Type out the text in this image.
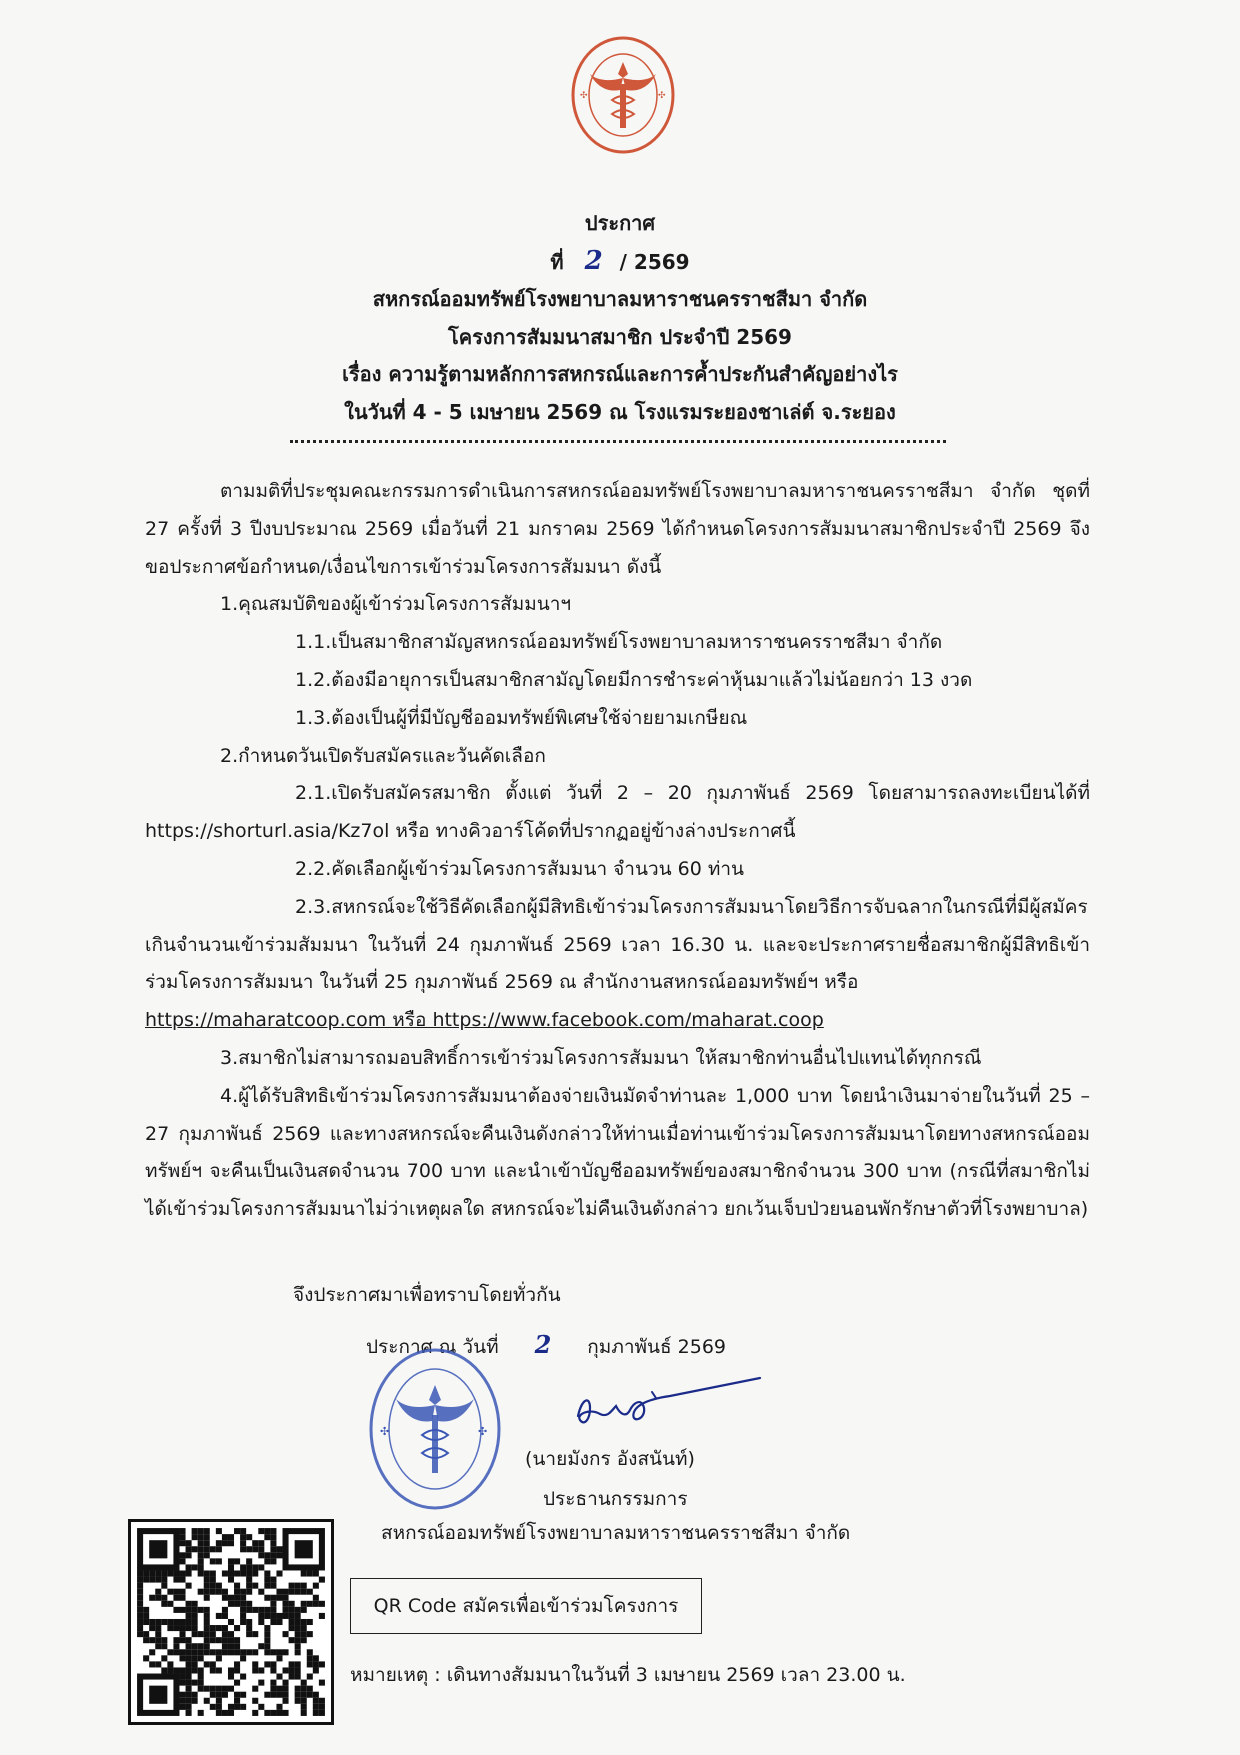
✣	✣
ประกาศ
ที่ 2 / 2569
สหกรณ์ออมทรัพย์โรงพยาบาลมหาราชนครราชสีมา จำกัด
โครงการสัมมนาสมาชิก ประจำปี 2569
เรื่อง ความรู้ตามหลักการสหกรณ์และการค้ำประกันสำคัญอย่างไร
ในวันที่ 4 - 5 เมษายน 2569 ณ โรงแรมระยองชาเล่ต์ จ.ระยอง

ตามมติที่ประชุมคณะกรรมการดำเนินการสหกรณ์ออมทรัพย์โรงพยาบาลมหาราชนครราชสีมา จำกัด ชุดที่ 27 ครั้งที่ 3 ปีงบประมาณ 2569 เมื่อวันที่ 21 มกราคม 2569 ได้กำหนดโครงการสัมมนาสมาชิกประจำปี 2569 จึงขอประกาศข้อกำหนด/เงื่อนไขการเข้าร่วมโครงการสัมมนา ดังนี้

1.คุณสมบัติของผู้เข้าร่วมโครงการสัมมนาฯ

1.1.เป็นสมาชิกสามัญสหกรณ์ออมทรัพย์โรงพยาบาลมหาราชนครราชสีมา จำกัด

1.2.ต้องมีอายุการเป็นสมาชิกสามัญโดยมีการชำระค่าหุ้นมาแล้วไม่น้อยกว่า 13 งวด

1.3.ต้องเป็นผู้ที่มีบัญชีออมทรัพย์พิเศษใช้จ่ายยามเกษียณ

2.กำหนดวันเปิดรับสมัครและวันคัดเลือก

2.1.เปิดรับสมัครสมาชิก ตั้งแต่ วันที่ 2 – 20 กุมภาพันธ์ 2569 โดยสามารถลงทะเบียนได้ที่ https://shorturl.asia/Kz7ol หรือ ทางคิวอาร์โค้ดที่ปรากฏอยู่ข้างล่างประกาศนี้

2.2.คัดเลือกผู้เข้าร่วมโครงการสัมมนา จำนวน 60 ท่าน

2.3.สหกรณ์จะใช้วิธีคัดเลือกผู้มีสิทธิเข้าร่วมโครงการสัมมนาโดยวิธีการจับฉลากในกรณีที่มีผู้สมัครเกินจำนวนเข้าร่วมสัมมนา ในวันที่ 24 กุมภาพันธ์ 2569 เวลา 16.30 น. และจะประกาศรายชื่อสมาชิกผู้มีสิทธิเข้าร่วมโครงการสัมมนา ในวันที่ 25 กุมภาพันธ์ 2569 ณ สำนักงานสหกรณ์ออมทรัพย์ฯ หรือ

https://maharatcoop.com หรือ https://www.facebook.com/maharat.coop

3.สมาชิกไม่สามารถมอบสิทธิ์การเข้าร่วมโครงการสัมมนา ให้สมาชิกท่านอื่นไปแทนได้ทุกกรณี

4.ผู้ได้รับสิทธิเข้าร่วมโครงการสัมมนาต้องจ่ายเงินมัดจำท่านละ 1,000 บาท โดยนำเงินมาจ่ายในวันที่ 25 – 27 กุมภาพันธ์ 2569 และทางสหกรณ์จะคืนเงินดังกล่าวให้ท่านเมื่อท่านเข้าร่วมโครงการสัมมนาโดยทางสหกรณ์ออมทรัพย์ฯ จะคืนเป็นเงินสดจำนวน 700 บาท และนำเข้าบัญชีออมทรัพย์ของสมาชิกจำนวน 300 บาท (กรณีที่สมาชิกไม่ได้เข้าร่วมโครงการสัมมนาไม่ว่าเหตุผลใด สหกรณ์จะไม่คืนเงินดังกล่าว ยกเว้นเจ็บป่วยนอนพักรักษาตัวที่โรงพยาบาล)

จึงประกาศมาเพื่อทราบโดยทั่วกัน
ประกาศ ณ วันที่ 2 กุมภาพันธ์ 2569
✣	✣
(นายมังกร อังสนันท์)
ประธานกรรมการ
สหกรณ์ออมทรัพย์โรงพยาบาลมหาราชนครราชสีมา จำกัด
QR Code สมัครเพื่อเข้าร่วมโครงการ
หมายเหตุ : เดินทางสัมมนาในวันที่ 3 เมษายน 2569 เวลา 23.00 น.
